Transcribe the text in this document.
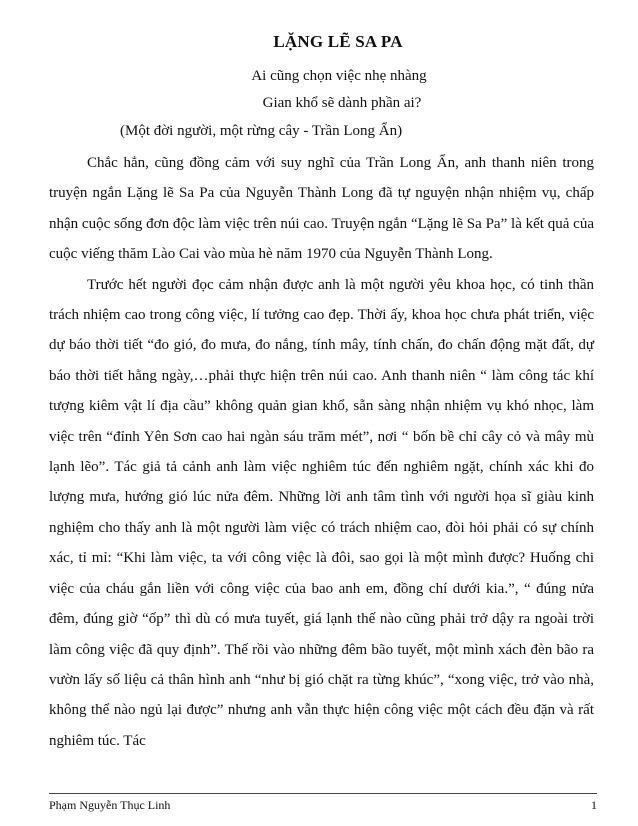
LẶNG LẼ SA PA
Ai cũng chọn việc nhẹ nhàng
Gian khổ sẽ dành phần ai?
(Một đời người, một rừng cây - Trần Long Ẩn)

Chắc hẳn, cũng đồng cảm với suy nghĩ của Trần Long Ẩn, anh thanh niên trong truyện ngắn Lặng lẽ Sa Pa của Nguyễn Thành Long đã tự nguyện nhận nhiệm vụ, chấp nhận cuộc sống đơn độc làm việc trên núi cao. Truyện ngắn “Lặng lẽ Sa Pa” là kết quả của cuộc viếng thăm Lào Cai vào mùa hè năm 1970 của Nguyễn Thành Long.

Trước hết người đọc cảm nhận được anh là một người yêu khoa học, có tinh thần trách nhiệm cao trong công việc, lí tưởng cao đẹp. Thời ấy, khoa học chưa phát triển, việc dự báo thời tiết “đo gió, đo mưa, đo nắng, tính mây, tính chấn, đo chấn động mặt đất, dự báo thời tiết hằng ngày,…phải thực hiện trên núi cao. Anh thanh niên “ làm công tác khí tượng kiêm vật lí địa cầu” không quản gian khổ, sẵn sàng nhận nhiệm vụ khó nhọc, làm việc trên “đỉnh Yên Sơn cao hai ngàn sáu trăm mét”, nơi “ bốn bề chỉ cây cỏ và mây mù lạnh lẽo”. Tác giả tả cảnh anh làm việc nghiêm túc đến nghiêm ngặt, chính xác khi đo lượng mưa, hướng gió lúc nửa đêm. Những lời anh tâm tình với người họa sĩ giàu kinh nghiệm cho thấy anh là một người làm việc có trách nhiệm cao, đòi hỏi phải có sự chính xác, tỉ mỉ: “Khi làm việc, ta với công việc là đôi, sao gọi là một mình được? Huống chi việc của cháu gắn liền với công việc của bao anh em, đồng chí dưới kia.”, “ đúng nửa đêm, đúng giờ “ốp” thì dù có mưa tuyết, giá lạnh thế nào cũng phải trở dậy ra ngoài trời làm công việc đã quy định”. Thế rồi vào những đêm bão tuyết, một mình xách đèn bão ra vườn lấy số liệu cả thân hình anh “như bị gió chặt ra từng khúc”, “xong việc, trở vào nhà, không thể nào ngủ lại được” nhưng anh vẫn thực hiện công việc một cách đều đặn và rất nghiêm túc. Tác

Phạm Nguyễn Thục Linh	1
